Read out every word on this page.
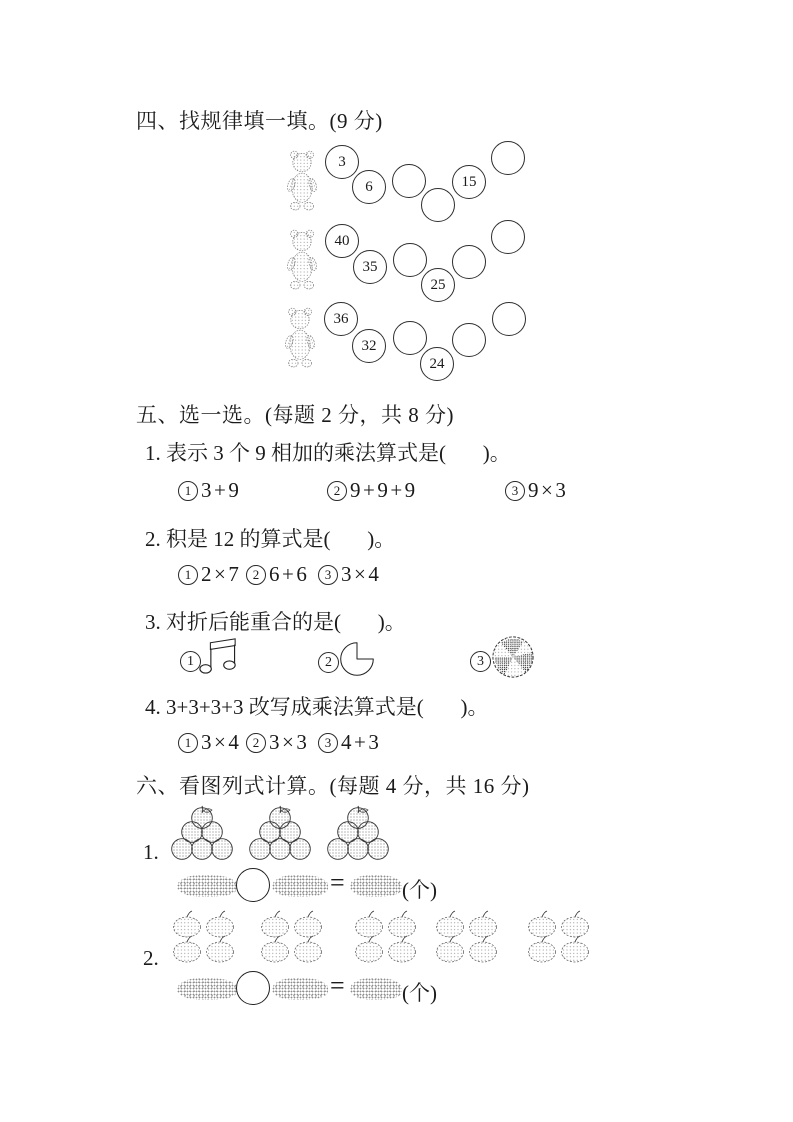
四、找规律填一填。(9 分)
3
6	15
40
35
25
36
32
24
五、选一选。(每题 2 分，共 8 分)
1. 表示 3 个 9 相加的乘法算式是(       )。
1 3+9	2 9+9+9	3 9×3
2. 积是 12 的算式是(       )。
1 2×7 2 6+6	3 3×4
3. 对折后能重合的是(       )。
1	2	3
4. 3+3+3+3 改写成乘法算式是(       )。
1 3×4 2 3×3	3 4+3
六、看图列式计算。(每题 4 分，共 16 分)
1.
=	(个)
2.
=	(个)
